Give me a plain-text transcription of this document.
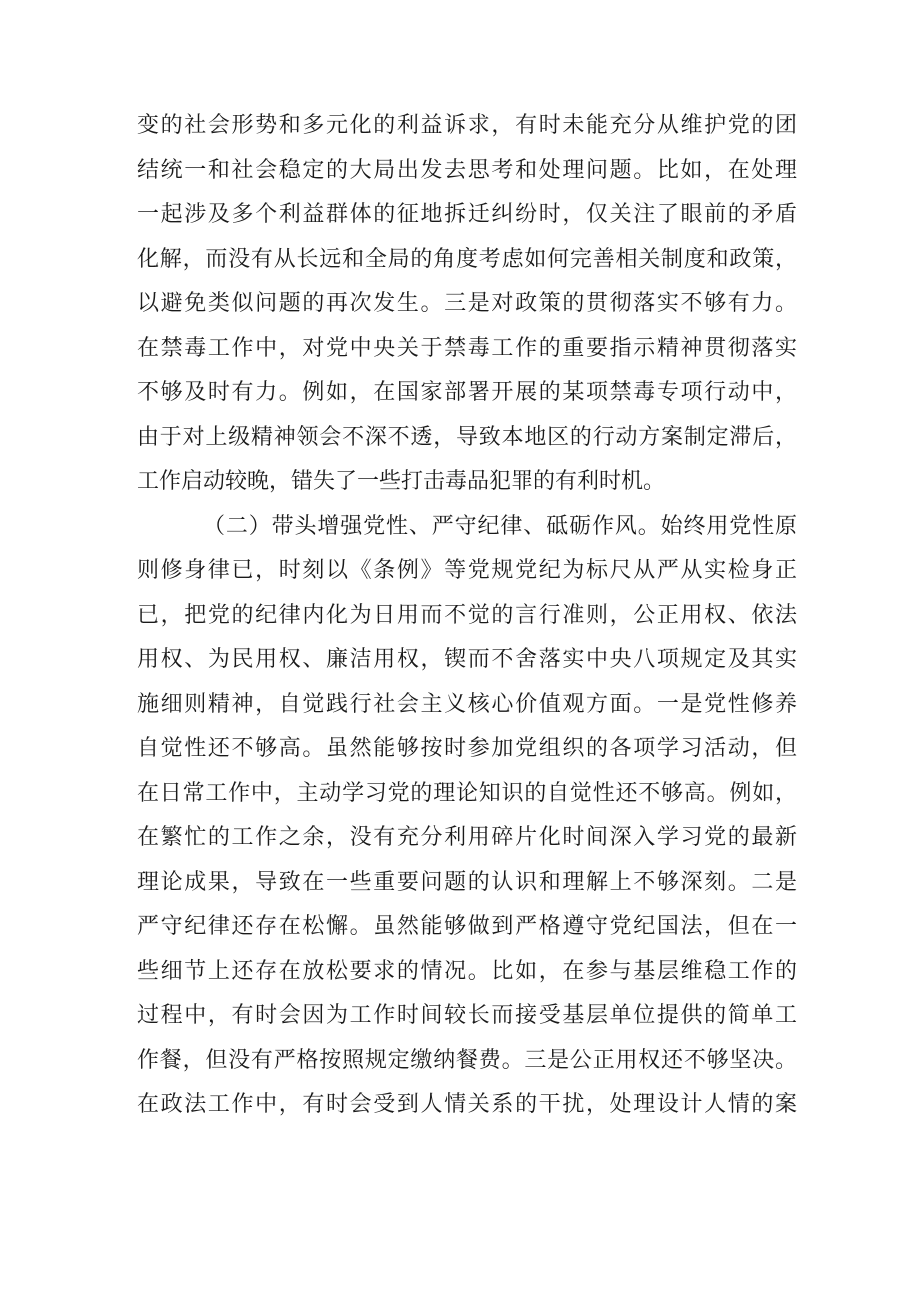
变的社会形势和多元化的利益诉求，有时未能充分从维护党的团
结统一和社会稳定的大局出发去思考和处理问题。比如，在处理
一起涉及多个利益群体的征地拆迁纠纷时，仅关注了眼前的矛盾
化解，而没有从长远和全局的角度考虑如何完善相关制度和政策，
以避免类似问题的再次发生。三是对政策的贯彻落实不够有力。
在禁毒工作中，对党中央关于禁毒工作的重要指示精神贯彻落实
不够及时有力。例如，在国家部署开展的某项禁毒专项行动中，
由于对上级精神领会不深不透，导致本地区的行动方案制定滞后，
工作启动较晚，错失了一些打击毒品犯罪的有利时机。
（二）带头增强党性、严守纪律、砥砺作风。始终用党性原
则修身律已，时刻以《条例》等党规党纪为标尺从严从实检身正
已，把党的纪律内化为日用而不觉的言行准则，公正用权、依法
用权、为民用权、廉洁用权，锲而不舍落实中央八项规定及其实
施细则精神，自觉践行社会主义核心价值观方面。一是党性修养
自觉性还不够高。虽然能够按时参加党组织的各项学习活动，但
在日常工作中，主动学习党的理论知识的自觉性还不够高。例如，
在繁忙的工作之余，没有充分利用碎片化时间深入学习党的最新
理论成果，导致在一些重要问题的认识和理解上不够深刻。二是
严守纪律还存在松懈。虽然能够做到严格遵守党纪国法，但在一
些细节上还存在放松要求的情况。比如，在参与基层维稳工作的
过程中，有时会因为工作时间较长而接受基层单位提供的简单工
作餐，但没有严格按照规定缴纳餐费。三是公正用权还不够坚决。
在政法工作中，有时会受到人情关系的干扰，处理设计人情的案
